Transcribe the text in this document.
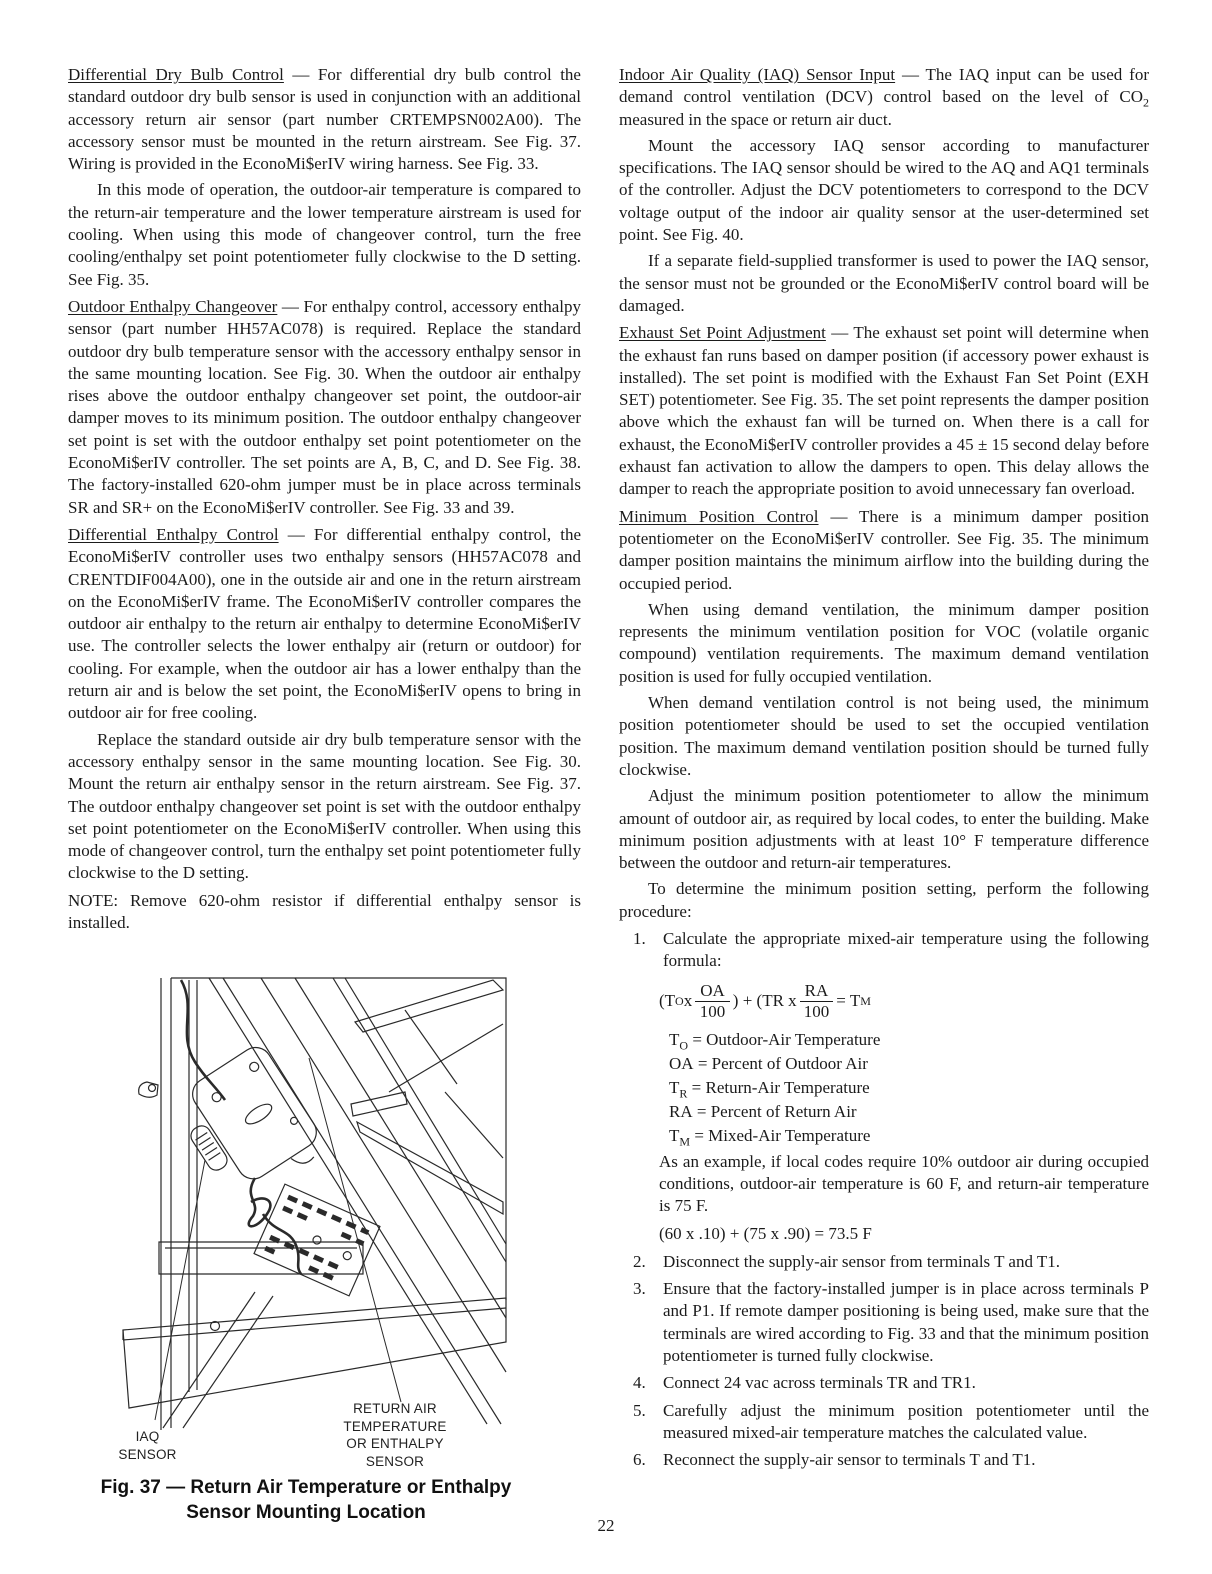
Differential Dry Bulb Control — For differential dry bulb control the standard outdoor dry bulb sensor is used in conjunction with an additional accessory return air sensor (part number CRTEMPSN002A00). The accessory sensor must be mounted in the return airstream. See Fig. 37. Wiring is provided in the EconoMi$erIV wiring harness. See Fig. 33.

In this mode of operation, the outdoor-air temperature is compared to the return-air temperature and the lower temperature airstream is used for cooling. When using this mode of changeover control, turn the free cooling/enthalpy set point potentiometer fully clockwise to the D setting. See Fig. 35.

Outdoor Enthalpy Changeover — For enthalpy control, accessory enthalpy sensor (part number HH57AC078) is required. Replace the standard outdoor dry bulb temperature sensor with the accessory enthalpy sensor in the same mounting location. See Fig. 30. When the outdoor air enthalpy rises above the outdoor enthalpy changeover set point, the outdoor-air damper moves to its minimum position. The outdoor enthalpy changeover set point is set with the outdoor enthalpy set point potentiometer on the EconoMi$erIV controller. The set points are A, B, C, and D. See Fig. 38. The factory-installed 620-ohm jumper must be in place across terminals SR and SR+ on the EconoMi$erIV controller. See Fig. 33 and 39.

Differential Enthalpy Control — For differential enthalpy control, the EconoMi$erIV controller uses two enthalpy sensors (HH57AC078 and CRENTDIF004A00), one in the outside air and one in the return airstream on the EconoMi$erIV frame. The EconoMi$erIV controller compares the outdoor air enthalpy to the return air enthalpy to determine EconoMi$erIV use. The controller selects the lower enthalpy air (return or outdoor) for cooling. For example, when the outdoor air has a lower enthalpy than the return air and is below the set point, the EconoMi$erIV opens to bring in outdoor air for free cooling.

Replace the standard outside air dry bulb temperature sensor with the accessory enthalpy sensor in the same mounting location. See Fig. 30. Mount the return air enthalpy sensor in the return airstream. See Fig. 37. The outdoor enthalpy changeover set point is set with the outdoor enthalpy set point potentiometer on the EconoMi$erIV controller. When using this mode of changeover control, turn the enthalpy set point potentiometer fully clockwise to the D setting.

NOTE: Remove 620-ohm resistor if differential enthalpy sensor is installed.

IAQ
SENSOR
RETURN AIR
TEMPERATURE
OR ENTHALPY
SENSOR
Fig. 37 — Return Air Temperature or Enthalpy
Sensor Mounting Location

Indoor Air Quality (IAQ) Sensor Input — The IAQ input can be used for demand control ventilation (DCV) control based on the level of $CO_2$ measured in the space or return air duct.

Mount the accessory IAQ sensor according to manufacturer specifications. The IAQ sensor should be wired to the AQ and AQ1 terminals of the controller. Adjust the DCV potentiometers to correspond to the DCV voltage output of the indoor air quality sensor at the user-determined set point. See Fig. 40.

If a separate field-supplied transformer is used to power the IAQ sensor, the sensor must not be grounded or the EconoMi$erIV control board will be damaged.

Exhaust Set Point Adjustment — The exhaust set point will determine when the exhaust fan runs based on damper position (if accessory power exhaust is installed). The set point is modified with the Exhaust Fan Set Point (EXH SET) potentiometer. See Fig. 35. The set point represents the damper position above which the exhaust fan will be turned on. When there is a call for exhaust, the EconoMi$erIV controller provides a 45 ± 15 second delay before exhaust fan activation to allow the dampers to open. This delay allows the damper to reach the appropriate position to avoid unnecessary fan overload.

Minimum Position Control — There is a minimum damper position potentiometer on the EconoMi$erIV controller. See Fig. 35. The minimum damper position maintains the minimum airflow into the building during the occupied period.

When using demand ventilation, the minimum damper position represents the minimum ventilation position for VOC (volatile organic compound) ventilation requirements. The maximum demand ventilation position is used for fully occupied ventilation.

When demand ventilation control is not being used, the minimum position potentiometer should be used to set the occupied ventilation position. The maximum demand ventilation position should be turned fully clockwise.

Adjust the minimum position potentiometer to allow the minimum amount of outdoor air, as required by local codes, to enter the building. Make minimum position adjustments with at least 10° F temperature difference between the outdoor and return-air temperatures.

To determine the minimum position setting, perform the following procedure:

1.	Calculate the appropriate mixed-air temperature using the following formula:
(T O x $\frac{OA}{100}$ ) + (TR x $\frac{RA}{100} = T$ M
$T_O$ = Outdoor-Air Temperature
OA = Percent of Outdoor Air
$T_R$ = Return-Air Temperature
RA = Percent of Return Air
$T_M$ = Mixed-Air Temperature

As an example, if local codes require 10% outdoor air during occupied conditions, outdoor-air temperature is 60 F, and return-air temperature is 75 F.

(60 x .10) + (75 x .90) = 73.5 F

2.	Disconnect the supply-air sensor from terminals T and T1.
3.	Ensure that the factory-installed jumper is in place across terminals P and P1. If remote damper positioning is being used, make sure that the terminals are wired according to Fig. 33 and that the minimum position potentiometer is turned fully clockwise.
4.	Connect 24 vac across terminals TR and TR1.
5.	Carefully adjust the minimum position potentiometer until the measured mixed-air temperature matches the calculated value.
6.	Reconnect the supply-air sensor to terminals T and T1.
22
